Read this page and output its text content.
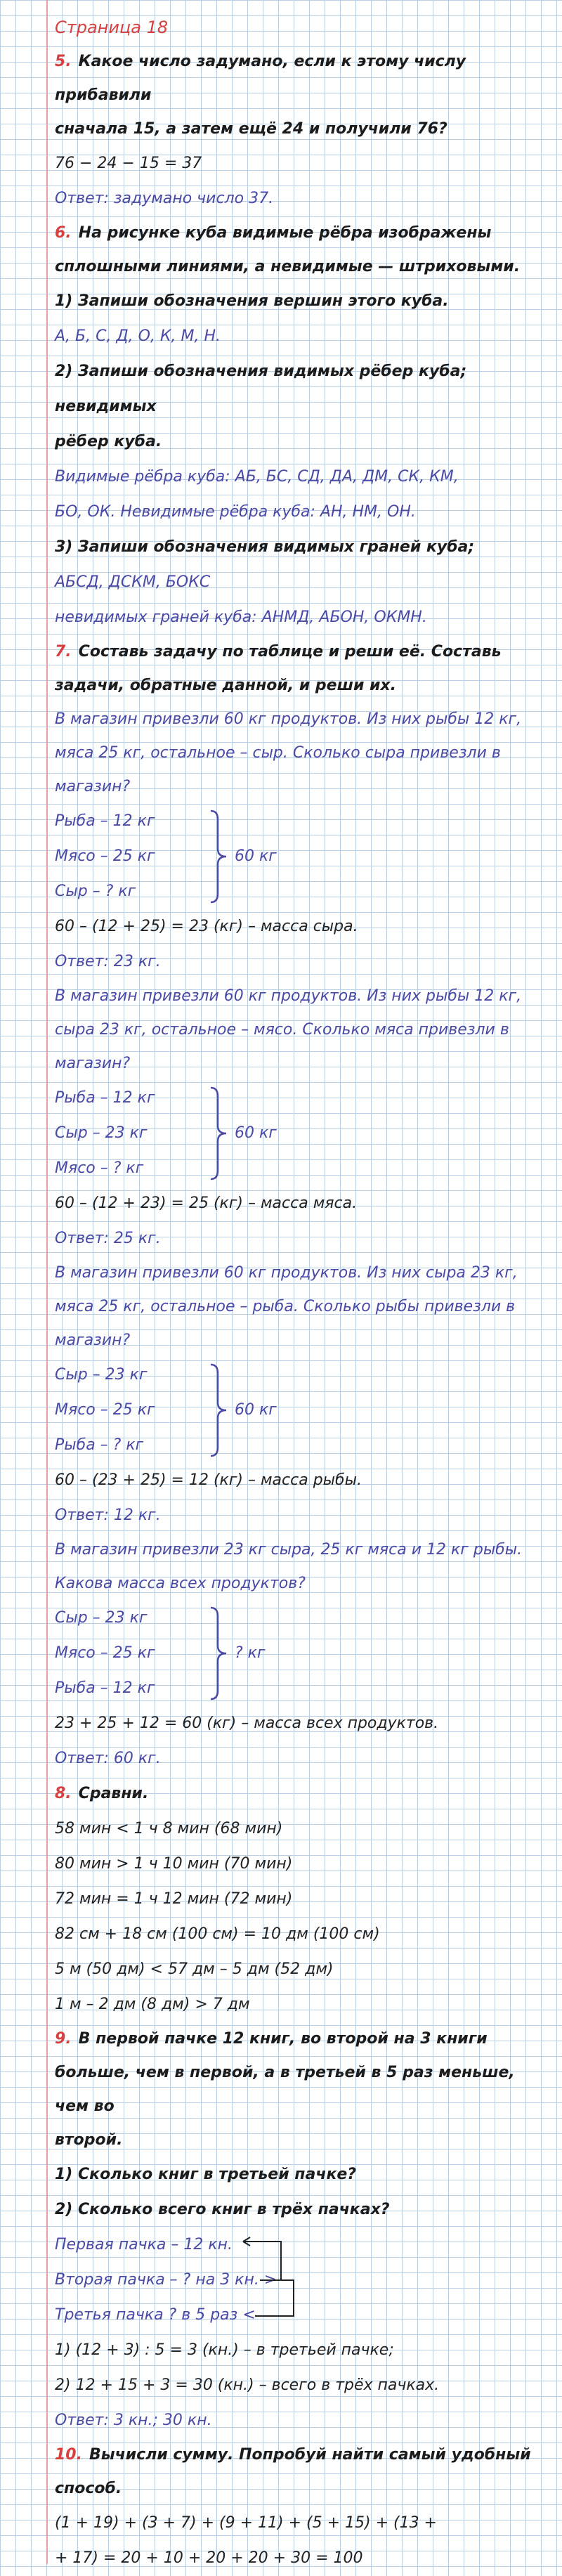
Страница 18
5. Какое число задумано, если к этому числу прибавили
сначала 15, а затем ещё 24 и получили 76?
76 − 24 − 15 = 37
Ответ: задумано число 37.
6. На рисунке куба видимые рёбра изображены
сплошными линиями, а невидимые — штриховыми.
1) Запиши обозначения вершин этого куба.
А, Б, С, Д, О, К, М, Н.
2) Запиши обозначения видимых рёбер куба; невидимых
рёбер куба.
Видимые рёбра куба: АБ, БС, СД, ДА, ДМ, СК, КМ,
БО, ОК. Невидимые рёбра куба: АН, НМ, ОН.
3) Запиши обозначения видимых граней куба;
АБСД, ДСКМ, БОКС
невидимых граней куба: АНМД, АБОН, ОКМН.
7. Составь задачу по таблице и реши её. Составь
задачи, обратные данной, и реши их.
В магазин привезли 60 кг продуктов. Из них рыбы 12 кг,
мяса 25 кг, остальное – сыр. Сколько сыра привезли в
магазин?
Рыба – 12 кг
Мясо – 25 кг
Сыр – ? кг
60 кг
60 – (12 + 25) = 23 (кг) – масса сыра.
Ответ: 23 кг.
В магазин привезли 60 кг продуктов. Из них рыбы 12 кг,
сыра 23 кг, остальное – мясо. Сколько мяса привезли в
магазин?
Рыба – 12 кг
Сыр – 23 кг
Мясо – ? кг
60 кг
60 – (12 + 23) = 25 (кг) – масса мяса.
Ответ: 25 кг.
В магазин привезли 60 кг продуктов. Из них сыра 23 кг,
мяса 25 кг, остальное – рыба. Сколько рыбы привезли в
магазин?
Сыр – 23 кг
Мясо – 25 кг
Рыба – ? кг
60 кг
60 – (23 + 25) = 12 (кг) – масса рыбы.
Ответ: 12 кг.
В магазин привезли 23 кг сыра, 25 кг мяса и 12 кг рыбы.
Какова масса всех продуктов?
Сыр – 23 кг
Мясо – 25 кг
Рыба – 12 кг
? кг
23 + 25 + 12 = 60 (кг) – масса всех продуктов.
Ответ: 60 кг.
8. Сравни.
58 мин < 1 ч 8 мин (68 мин)
80 мин > 1 ч 10 мин (70 мин)
72 мин = 1 ч 12 мин (72 мин)
82 см + 18 см (100 см) = 10 дм (100 см)
5 м (50 дм) < 57 дм – 5 дм (52 дм)
1 м – 2 дм (8 дм) > 7 дм
9. В первой пачке 12 книг, во второй на 3 книги
больше, чем в первой, а в третьей в 5 раз меньше, чем во
второй.
1) Сколько книг в третьей пачке?
2) Сколько всего книг в трёх пачках?
Первая пачка – 12 кн.
Вторая пачка – ? на 3 кн. >
Третья пачка ? в 5 раз <
1) (12 + 3) : 5 = 3 (кн.) – в третьей пачке;
2) 12 + 15 + 3 = 30 (кн.) – всего в трёх пачках.
Ответ: 3 кн.; 30 кн.
10. Вычисли сумму. Попробуй найти самый удобный
способ.
(1 + 19) + (3 + 7) + (9 + 11) + (5 + 15) + (13 +
+ 17) = 20 + 10 + 20 + 20 + 30 = 100
